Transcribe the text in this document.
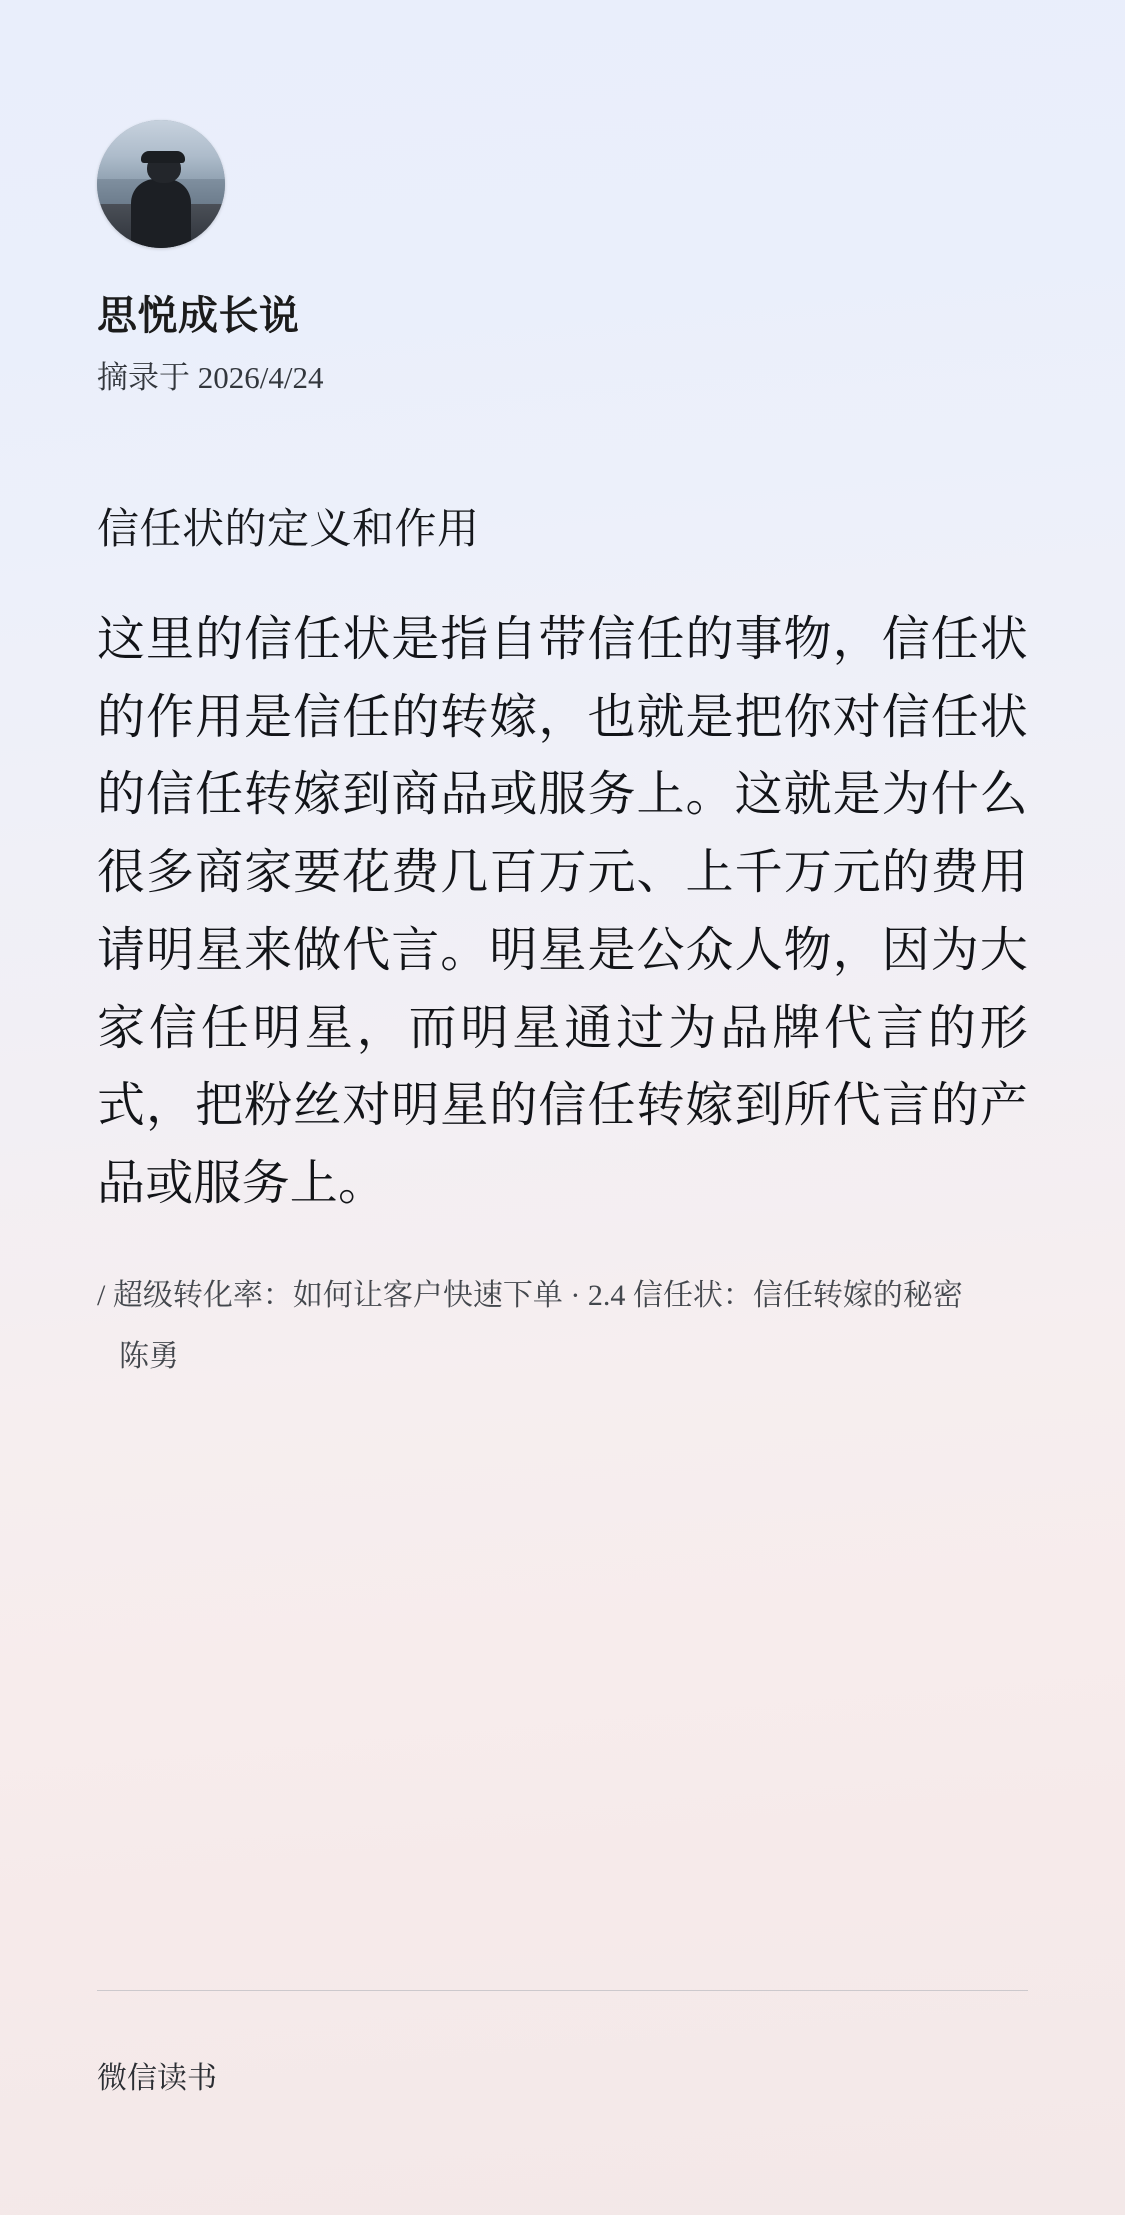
思悦成长说
摘录于 2026/4/24
信任状的定义和作用
这里的信任状是指自带信任的事物，信任状的作用是信任的转嫁，也就是把你对信任状的信任转嫁到商品或服务上。这就是为什么很多商家要花费几百万元、上千万元的费用请明星来做代言。明星是公众人物，因为大家信任明星，而明星通过为品牌代言的形式，把粉丝对明星的信任转嫁到所代言的产品或服务上。
/ 超级转化率：如何让客户快速下单 · 2.4 信任状：信任转嫁的秘密
陈勇
微信读书
